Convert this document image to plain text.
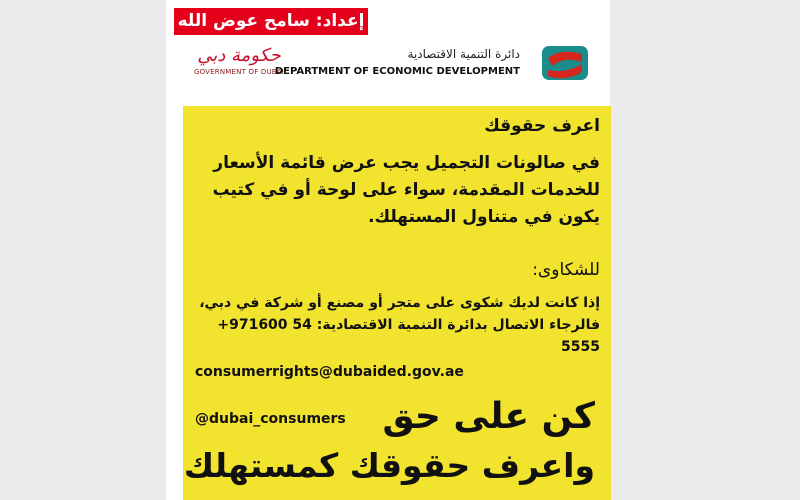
إعداد: سامح عوض الله
حكومة دبي
GOVERNMENT OF DUBAI
دائرة التنمية الاقتصادية
DEPARTMENT OF ECONOMIC DEVELOPMENT
اعرف حقوقك
في صالونات التجميل يجب عرض قائمة الأسعار للخدمات المقدمة، سواء على لوحة أو في كتيب يكون في متناول المستهلك.
للشكاوى:
إذا كانت لديك شكوى على متجر أو مصنع أو شركة في دبي،
فالرجاء الاتصال بدائرة التنمية الاقتصادية: +971600 54 5555
consumerrights@dubaided.gov.ae
@dubai_consumers كن على حق
واعرف حقوقك كمستهلك
